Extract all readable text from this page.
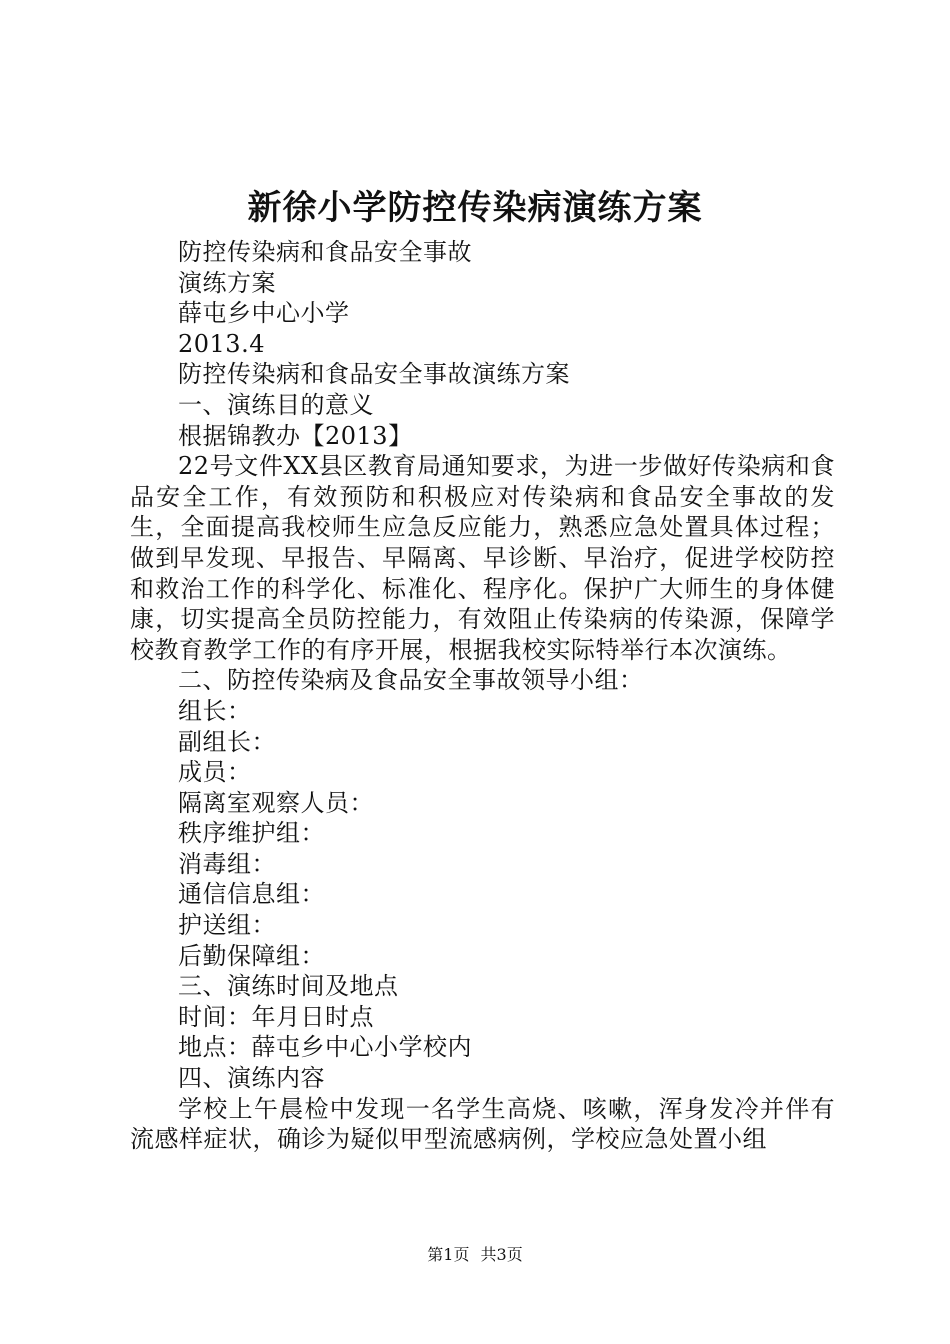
新徐小学防控传染病演练方案
防控传染病和食品安全事故
演练方案
薛屯乡中心小学
2013.4
防控传染病和食品安全事故演练方案
一、演练目的意义
根据锦教办【2013】

22号文件XX县区教育局通知要求，为进一步做好传染病和食品安全工作，有效预防和积极应对传染病和食品安全事故的发生，全面提高我校师生应急反应能力，熟悉应急处置具体过程；做到早发现、早报告、早隔离、早诊断、早治疗，促进学校防控和救治工作的科学化、标准化、程序化。保护广大师生的身体健康，切实提高全员防控能力，有效阻止传染病的传染源，保障学校教育教学工作的有序开展，根据我校实际特举行本次演练。

二、防控传染病及食品安全事故领导小组：
组长：
副组长：
成员：
隔离室观察人员：
秩序维护组：
消毒组：
通信信息组：
护送组：
后勤保障组：
三、演练时间及地点
时间：年月日时点
地点：薛屯乡中心小学校内
四、演练内容

学校上午晨检中发现一名学生高烧、咳嗽，浑身发冷并伴有流感样症状，确诊为疑似甲型流感病例，学校应急处置小组

第1页 共3页
